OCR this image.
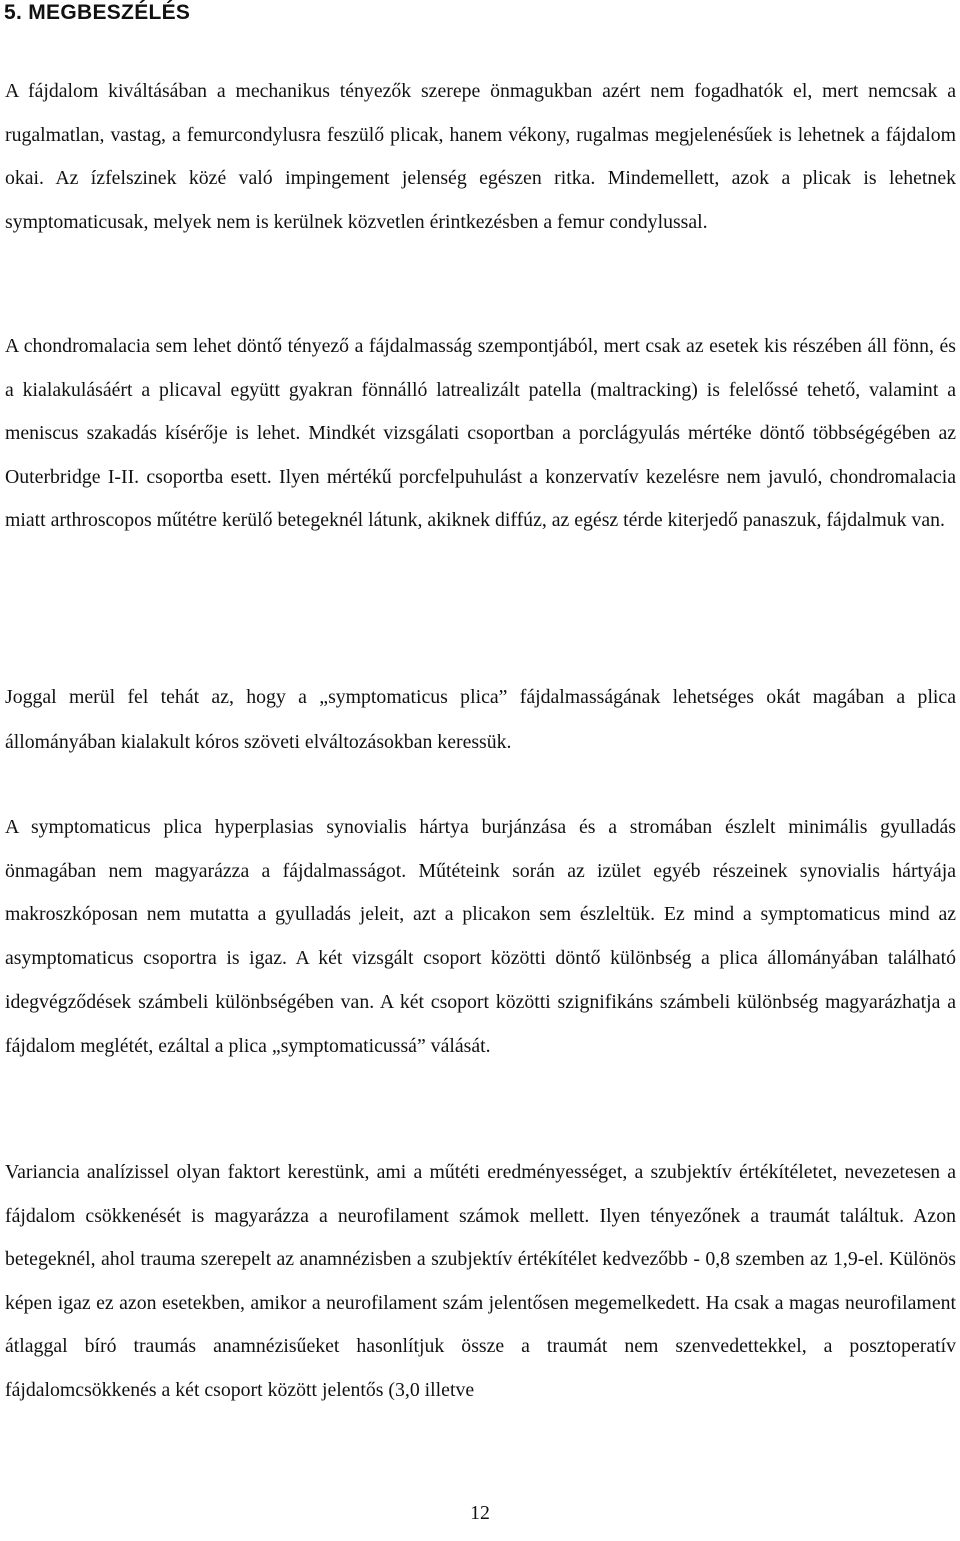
5. MEGBESZÉLÉS

A fájdalom kiváltásában a mechanikus tényezők szerepe önmagukban azért nem fogadhatók el, mert nemcsak a rugalmatlan, vastag, a femurcondylusra feszülő plicak, hanem vékony, rugalmas megjelenésűek is lehetnek a fájdalom okai. Az ízfelszinek közé való impingement jelenség egészen ritka. Mindemellett, azok a plicak is lehetnek symptomaticusak, melyek nem is kerülnek közvetlen érintkezésben a femur condylussal.

A chondromalacia sem lehet döntő tényező a fájdalmasság szempontjából, mert csak az esetek kis részében áll fönn, és a kialakulásáért a plicaval együtt gyakran fönnálló latrealizált patella (maltracking) is felelőssé tehető, valamint a meniscus szakadás kísérője is lehet. Mindkét vizsgálati csoportban a porclágyulás mértéke döntő többségégében az Outerbridge I-II. csoportba esett. Ilyen mértékű porcfelpuhulást a konzervatív kezelésre nem javuló, chondromalacia miatt arthroscopos műtétre kerülő betegeknél látunk, akiknek diffúz, az egész térde kiterjedő panaszuk, fájdalmuk van.

Joggal merül fel tehát az, hogy a „symptomaticus plica” fájdalmasságának lehetséges okát magában a plica állományában kialakult kóros szöveti elváltozásokban keressük.

A symptomaticus plica hyperplasias synovialis hártya burjánzása és a stromában észlelt minimális gyulladás önmagában nem magyarázza a fájdalmasságot. Műtéteink során az izület egyéb részeinek synovialis hártyája makroszkóposan nem mutatta a gyulladás jeleit, azt a plicakon sem észleltük. Ez mind a symptomaticus mind az asymptomaticus csoportra is igaz. A két vizsgált csoport közötti döntő különbség a plica állományában található idegvégződések számbeli különbségében van. A két csoport közötti szignifikáns számbeli különbség magyarázhatja a fájdalom meglétét, ezáltal a plica „symptomaticussá” válását.

Variancia analízissel olyan faktort kerestünk, ami a műtéti eredményességet, a szubjektív értékítéletet, nevezetesen a fájdalom csökkenését is magyarázza a neurofilament számok mellett. Ilyen tényezőnek a traumát találtuk. Azon betegeknél, ahol trauma szerepelt az anamnézisben a szubjektív értékítélet kedvezőbb - 0,8 szemben az 1,9-el. Különös képen igaz ez azon esetekben, amikor a neurofilament szám jelentősen megemelkedett. Ha csak a magas neurofilament átlaggal bíró traumás anamnézisűeket hasonlítjuk össze a traumát nem szenvedettekkel, a posztoperatív fájdalomcsökkenés a két csoport között jelentős (3,0 illetve

12
